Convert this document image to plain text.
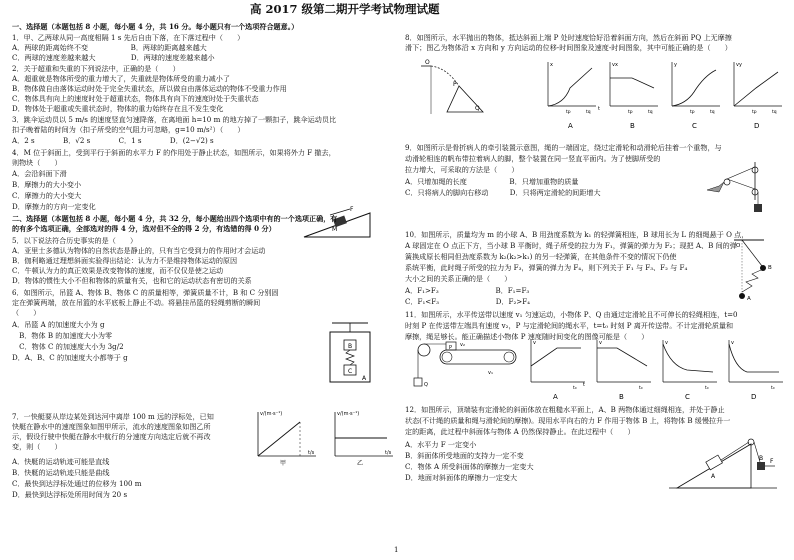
高 2017 级第二期开学考试物理试题
一、选择题（本题包括 8 小题，每小题 4 分，共 16 分。每小题只有一个选项符合题意。）
1．甲、乙两球从同一高度相隔 1 s 先后自由下落，在下落过程中（　　）
A．两球的距离始终不变　　　　　　B．两球的距离越来越大
C．两球的速度差越来越大　　　　　D．两球的速度差越来越小
2．关于超重和失重的下列说法中，正确的是（　　）
A．超重就是物体所受的重力增大了，失重就是物体所受的重力减小了
B．物体做自由落体运动时处于完全失重状态，所以做自由落体运动的物体不受重力作用
C．物体具有向上的速度时处于超重状态，物体具有向下的速度时处于失重状态
D．物体处于超重或失重状态时，物体的重力始终存在且不发生变化
3．跳伞运动员以 5 m/s 的速度竖直匀速降落，在离地面 h=10 m 的地方掉了一颗扣子，跳伞运动员比
扣子晚着陆的时间为（扣子所受的空气阻力可忽略，g=10 m/s²）（　　）
A．2 s　　　　B．√2 s　　　　C．1 s　　　　D．(2−√2) s
4．M 位于斜面上，受到平行于斜面的水平力 F 的作用处于静止状态，如图所示，如果将外力 F 撤去，
则物块（　　）
A．会沿斜面下滑
B．摩擦力的大小变小
C．摩擦力的大小变大
D．摩擦力的方向一定变化	F
M
二、选择题（本题包括 8 小题，每小题 4 分，共 32 分，每小题给出四个选项中有的一个选项正确，有
的有多个选项正确，全部选对的得 4 分，选对但不全的得 2 分，有选错的得 0 分）
5．以下说法符合历史事实的是（　　）
A．亚里士多德认为物体的自然状态是静止的，只有当它受到力的作用时才会运动
B．伽利略通过理想斜面实验得出结论：认为力不是维持物体运动的原因
C．牛顿认为力的真正效果是改变物体的速度，而不仅仅是使之运动
D．物体的惯性大小不但和物体的质量有关，也和它的运动状态有密切的关系
6．如图所示，吊篮 A、物体 B、物体 C 的质量相等，弹簧质量不计，B 和 C 分别固
定在弹簧两端，放在吊篮的水平底板上静止不动。将悬挂吊篮的轻绳剪断的瞬间
（　　）
A．吊篮 A 的加速度大小为 g
　B．物体 B 的加速度大小为零
　C．物体 C 的加速度大小为 3g/2
D．A、B、C 的加速度大小都等于 g
A
B
C
7．一快艇要从岸边某处到达河中离岸 100 m 远的浮标处，已知
快艇在静水中的速度图象如图甲所示，流水的速度图象如图乙所
示，假设行驶中快艇在静水中航行的分速度方向选定后就不再改
变，则（　　）
A．快艇的运动轨迹可能是直线
B．快艇的运动轨迹只能是曲线
C．最快到达浮标处通过的位移为 100 m
D．最快到达浮标处所用时间为 20 s
v/(m·s⁻¹)
t/s
甲
v/(m·s⁻¹)
t/s
乙
8．如图所示，水平抛出的物体，抵达斜面上端 P 处时速度恰好沿着斜面方向，然后在斜面 PQ 上无摩擦
滑下；图乙为物体沿 x 方向和 y 方向运动的位移-时间图象及速度-时间图象，其中可能正确的是（　　）
O
P
Q
x
tp	tq
A
vx
tp	tq
B
y
tp	tq
C
vy
tp	tq
D
t
9．如图所示是骨折病人的牵引装置示意图，绳的一端固定，绕过定滑轮和动滑轮后挂着一个重物，与
动滑轮相连的帆布带拉着病人的脚，整个装置在同一竖直平面内。为了使脚所受的
拉力增大，可采取的方法是（　　）
A．只增加绳的长度　　　　　　B．只增加重物的质量
C．只将病人的脚向右移动　　　D．只将两定滑轮的间距增大
10．如图所示，质量均为 m 的小球 A、B 用劲度系数为 k₁ 的轻弹簧相连，B 球用长为 L 的细绳悬于 O 点，
A 球固定在 O 点正下方，当小球 B 平衡时，绳子所受的拉力为 F₁，弹簧的弹力为 F₂；现把 A、B 间的弹
簧换成原长相同但劲度系数为 k₂(k₂>k₁) 的另一轻弹簧，在其他条件不变的情况下仍使
系统平衡，此时绳子所受的拉力为 F₃，弹簧的弹力为 F₄，则下列关于 F₁ 与 F₃、F₂ 与 F₄
大小之间的关系正确的是（　　）
A．F₁>F₃　　　　　　　　B．F₁=F₃
C．F₁<F₃　　　　　　　　D．F₂>F₄
O
A
B
11．如图所示，水平传送带以速度 v₁ 匀速运动，小物体 P、Q 由通过定滑轮且不可伸长的轻绳相连，t=0
时刻 P 在传送带左端具有速度 v₂，P 与定滑轮间的绳水平，t=t₀ 时刻 P 离开传送带。不计定滑轮质量和
摩擦，绳足够长。能正确描述小物体 P 速度随时间变化的图像可能是（　　）
P
Q
v₂
v₁
v
t₀
A
v
t₀
B
v
t₀
C
v
t₀
D
t
12．如图所示，顶端装有定滑轮的斜面体放在粗糙水平面上，A、B 两物体通过细绳相连，并处于静止
状态(不计绳的质量和绳与滑轮间的摩擦)。现用水平向右的力 F 作用于物体 B 上，将物体 B 缓慢拉升一
定的距离，此过程中斜面体与物体 A 仍然保持静止。在此过程中（　　）
A．水平力 F 一定变小
B．斜面体所受地面的支持力一定不变
C．物体 A 所受斜面体的摩擦力一定变大
D．地面对斜面体的摩擦力一定变大	A
B F
1
